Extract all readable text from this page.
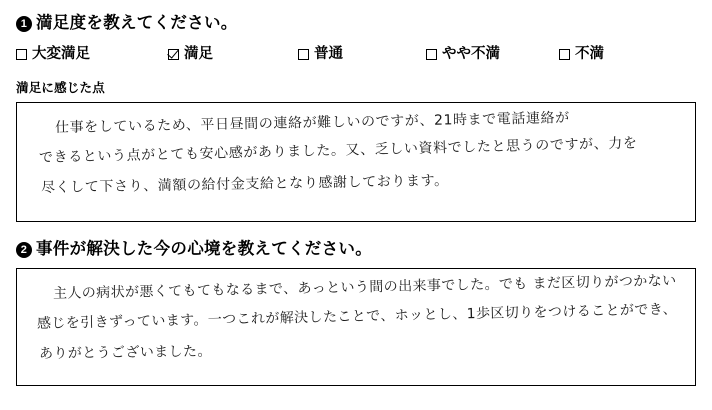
1 満足度を教えてください。
大変満足	満足	普通	やや不満	不満
満足に感じた点
仕事をしているため、平日昼間の連絡が難しいのですが、21時まで電話連絡が
できるという点がとても安心感がありました。又、乏しい資料でしたと思うのですが、力を
尽くして下さり、満額の給付金支給となり感謝しております。
2 事件が解決した今の心境を教えてください。
主人の病状が悪くてもてもなるまで、あっという間の出来事でした。でも まだ区切りがつかない
感じを引きずっています。一つこれが解決したことで、ホッとし、1歩区切りをつけることができ、
ありがとうございました。
